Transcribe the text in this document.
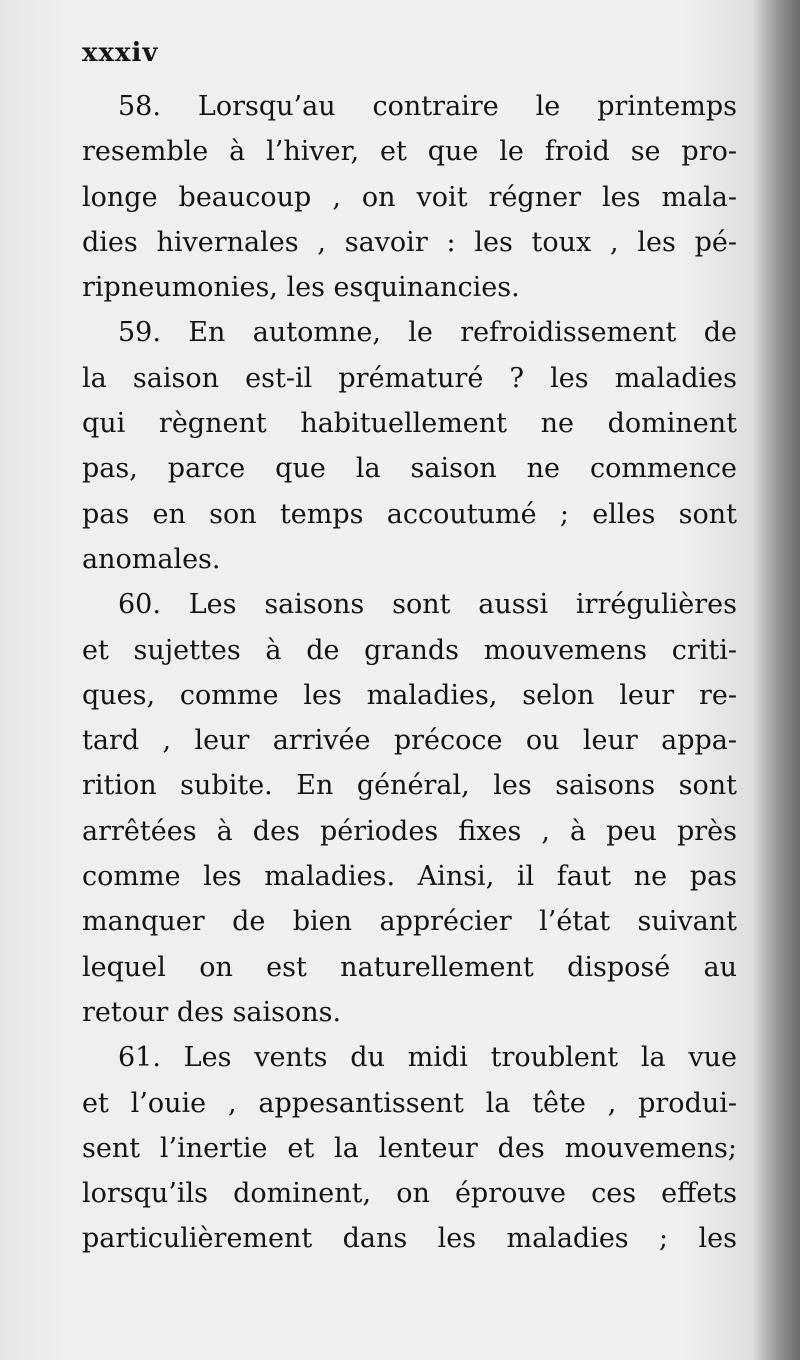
xxxiv
58. Lorsqu’au contraire le printemps
resemble à l’hiver, et que le froid se pro-
longe beaucoup , on voit régner les mala-
dies hivernales , savoir : les toux , les pé-
ripneumonies, les esquinancies.
59. En automne, le refroidissement de
la saison est-il prématuré ? les maladies
qui règnent habituellement ne dominent
pas, parce que la saison ne commence
pas en son temps accoutumé ; elles sont
anomales.
60. Les saisons sont aussi irrégulières
et sujettes à de grands mouvemens criti-
ques, comme les maladies, selon leur re-
tard , leur arrivée précoce ou leur appa-
rition subite. En général, les saisons sont
arrêtées à des périodes fixes , à peu près
comme les maladies. Ainsi, il faut ne pas
manquer de bien apprécier l’état suivant
lequel on est naturellement disposé au
retour des saisons.
61. Les vents du midi troublent la vue
et l’ouie , appesantissent la tête , produi-
sent l’inertie et la lenteur des mouvemens;
lorsqu’ils dominent, on éprouve ces effets
particulièrement dans les maladies ; les
